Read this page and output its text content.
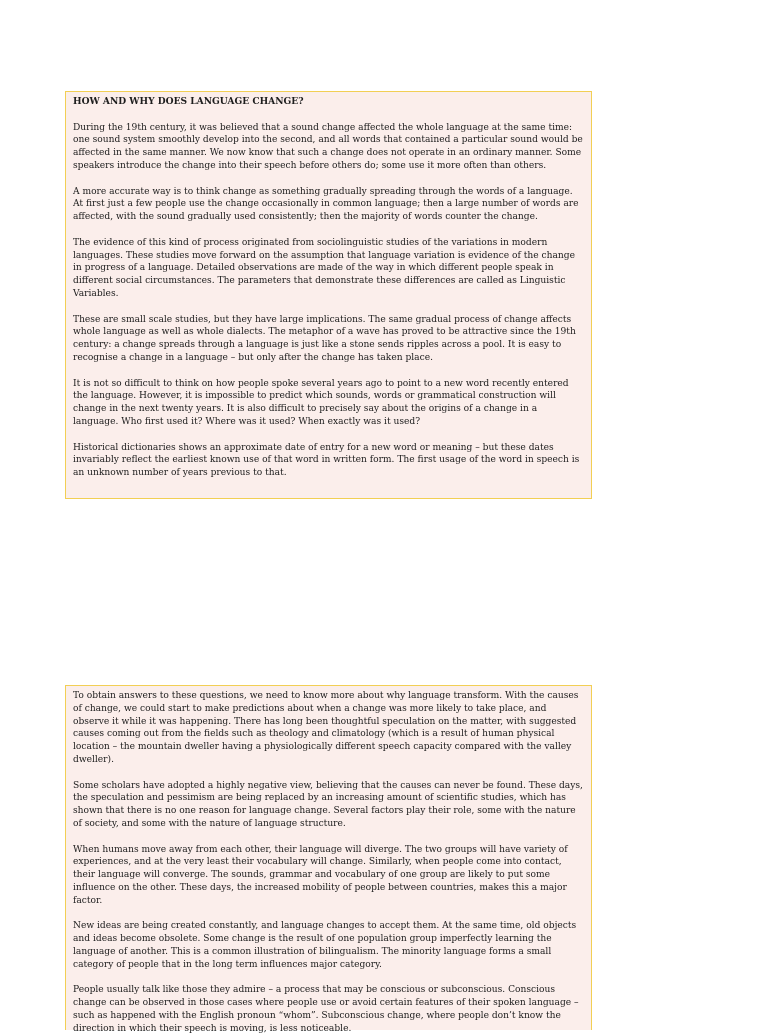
HOW AND WHY DOES LANGUAGE CHANGE?

During the 19th century, it was believed that a sound change affected the whole language at the same time: one sound system smoothly develop into the second, and all words that contained a particular sound would be affected in the same manner. We now know that such a change does not operate in an ordinary manner. Some speakers introduce the change into their speech before others do; some use it more often than others.

A more accurate way is to think change as something gradually spreading through the words of a language. At first just a few people use the change occasionally in common language; then a large number of words are affected, with the sound gradually used consistently; then the majority of words counter the change.

The evidence of this kind of process originated from sociolinguistic studies of the variations in modern languages. These studies move forward on the assumption that language variation is evidence of the change in progress of a language. Detailed observations are made of the way in which different people speak in different social circumstances. The parameters that demonstrate these differences are called as Linguistic Variables.

These are small scale studies, but they have large implications. The same gradual process of change affects whole language as well as whole dialects. The metaphor of a wave has proved to be attractive since the 19th century: a change spreads through a language is just like a stone sends ripples across a pool. It is easy to recognise a change in a language – but only after the change has taken place.

It is not so difficult to think on how people spoke several years ago to point to a new word recently entered the language. However, it is impossible to predict which sounds, words or grammatical construction will change in the next twenty years. It is also difficult to precisely say about the origins of a change in a language. Who first used it? Where was it used? When exactly was it used?

Historical dictionaries shows an approximate date of entry for a new word or meaning – but these dates invariably reflect the earliest known use of that word in written form. The first usage of the word in speech is an unknown number of years previous to that.

To obtain answers to these questions, we need to know more about why language transform. With the causes of change, we could start to make predictions about when a change was more likely to take place, and observe it while it was happening. There has long been thoughtful speculation on the matter, with suggested causes coming out from the fields such as theology and climatology (which is a result of human physical location – the mountain dweller having a physiologically different speech capacity compared with the valley dweller).

Some scholars have adopted a highly negative view, believing that the causes can never be found. These days, the speculation and pessimism are being replaced by an increasing amount of scientific studies, which has shown that there is no one reason for language change. Several factors play their role, some with the nature of society, and some with the nature of language structure.

When humans move away from each other, their language will diverge. The two groups will have variety of experiences, and at the very least their vocabulary will change. Similarly, when people come into contact, their language will converge. The sounds, grammar and vocabulary of one group are likely to put some influence on the other. These days, the increased mobility of people between countries, makes this a major factor.

New ideas are being created constantly, and language changes to accept them. At the same time, old objects and ideas become obsolete. Some change is the result of one population group imperfectly learning the language of another. This is a common illustration of bilingualism. The minority language forms a small category of people that in the long term influences major category.

People usually talk like those they admire – a process that may be conscious or subconscious. Conscious change can be observed in those cases where people use or avoid certain features of their spoken language – such as happened with the English pronoun “whom”. Subconscious change, where people don’t know the direction in which their speech is moving, is less noticeable.
